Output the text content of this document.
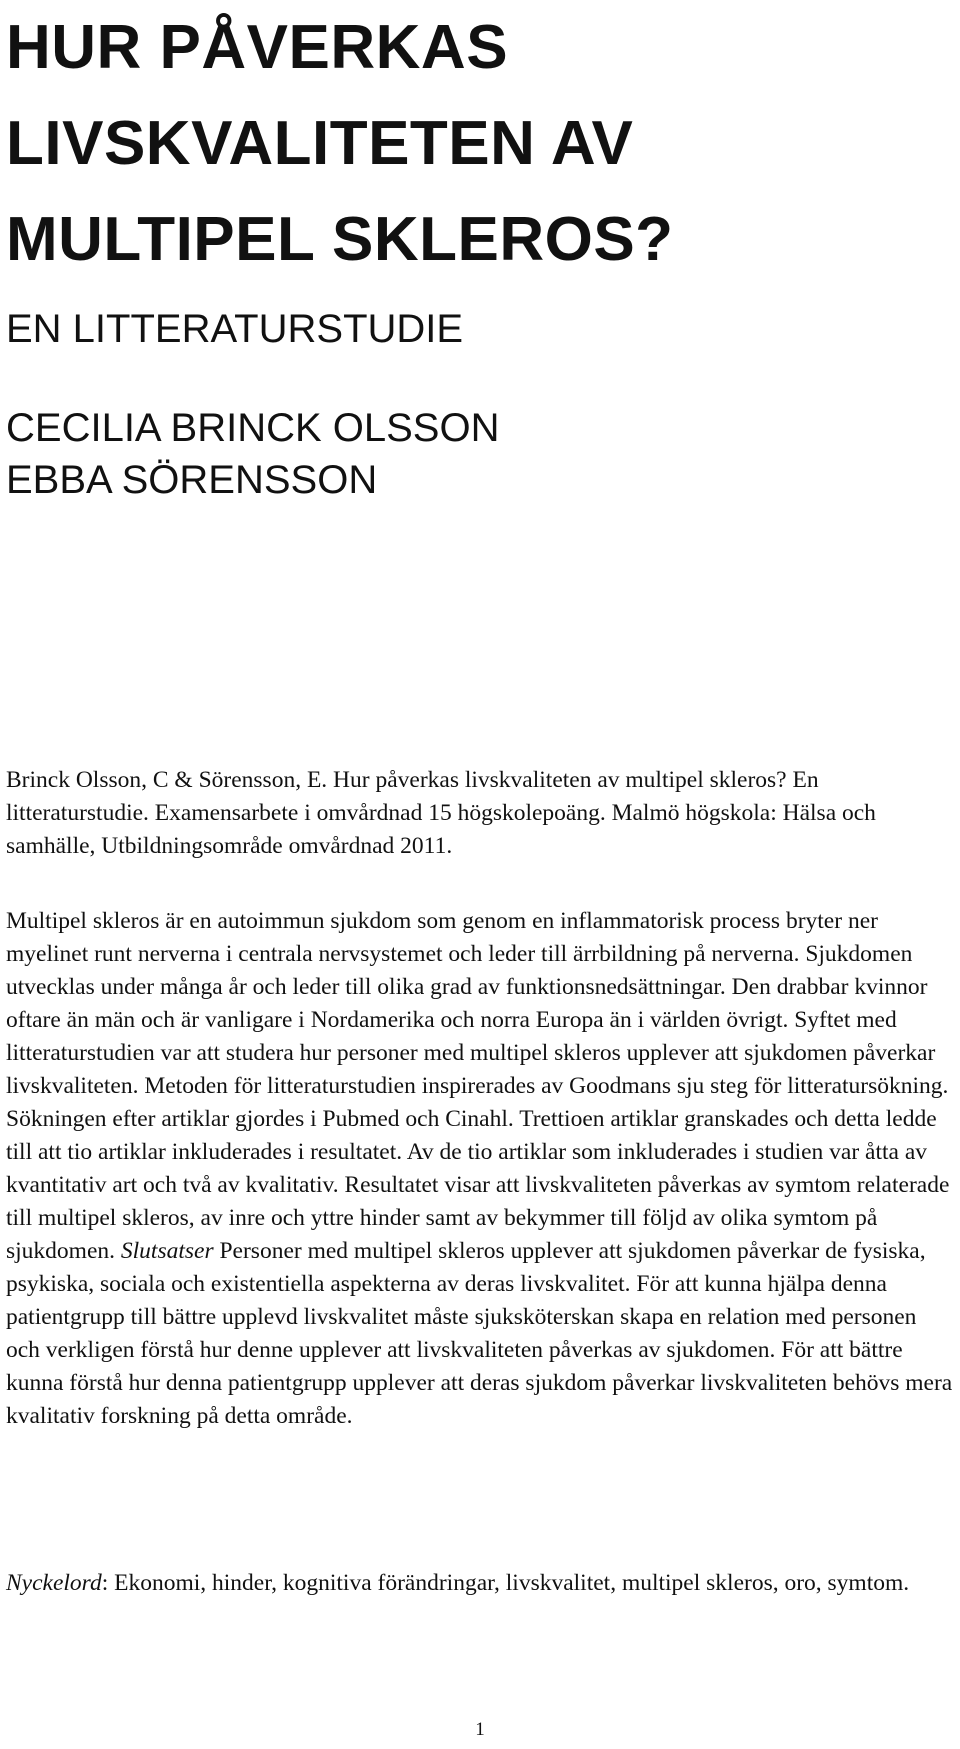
HUR PÅVERKAS LIVSKVALITETEN AV MULTIPEL SKLEROS?

EN LITTERATURSTUDIE

CECILIA BRINCK OLSSON
EBBA SÖRENSSON

Brinck Olsson, C & Sörensson, E. Hur påverkas livskvaliteten av multipel skleros? En litteraturstudie. Examensarbete i omvårdnad 15 högskolepoäng. Malmö högskola: Hälsa och samhälle, Utbildningsområde omvårdnad 2011.

Multipel skleros är en autoimmun sjukdom som genom en inflammatorisk process bryter ner myelinet runt nerverna i centrala nervsystemet och leder till ärrbildning på nerverna. Sjukdomen utvecklas under många år och leder till olika grad av funktionsnedsättningar. Den drabbar kvinnor oftare än män och är vanligare i Nordamerika och norra Europa än i världen övrigt. Syftet med litteraturstudien var att studera hur personer med multipel skleros upplever att sjukdomen påverkar livskvaliteten. Metoden för litteraturstudien inspirerades av Goodmans sju steg för litteratursökning. Sökningen efter artiklar gjordes i Pubmed och Cinahl. Trettioen artiklar granskades och detta ledde till att tio artiklar inkluderades i resultatet. Av de tio artiklar som inkluderades i studien var åtta av kvantitativ art och två av kvalitativ. Resultatet visar att livskvaliteten påverkas av symtom relaterade till multipel skleros, av inre och yttre hinder samt av bekymmer till följd av olika symtom på sjukdomen. Slutsatser Personer med multipel skleros upplever att sjukdomen påverkar de fysiska, psykiska, sociala och existentiella aspekterna av deras livskvalitet. För att kunna hjälpa denna patientgrupp till bättre upplevd livskvalitet måste sjuksköterskan skapa en relation med personen och verkligen förstå hur denne upplever att livskvaliteten påverkas av sjukdomen. För att bättre kunna förstå hur denna patientgrupp upplever att deras sjukdom påverkar livskvaliteten behövs mera kvalitativ forskning på detta område.

Nyckelord: Ekonomi, hinder, kognitiva förändringar, livskvalitet, multipel skleros, oro, symtom.

1
